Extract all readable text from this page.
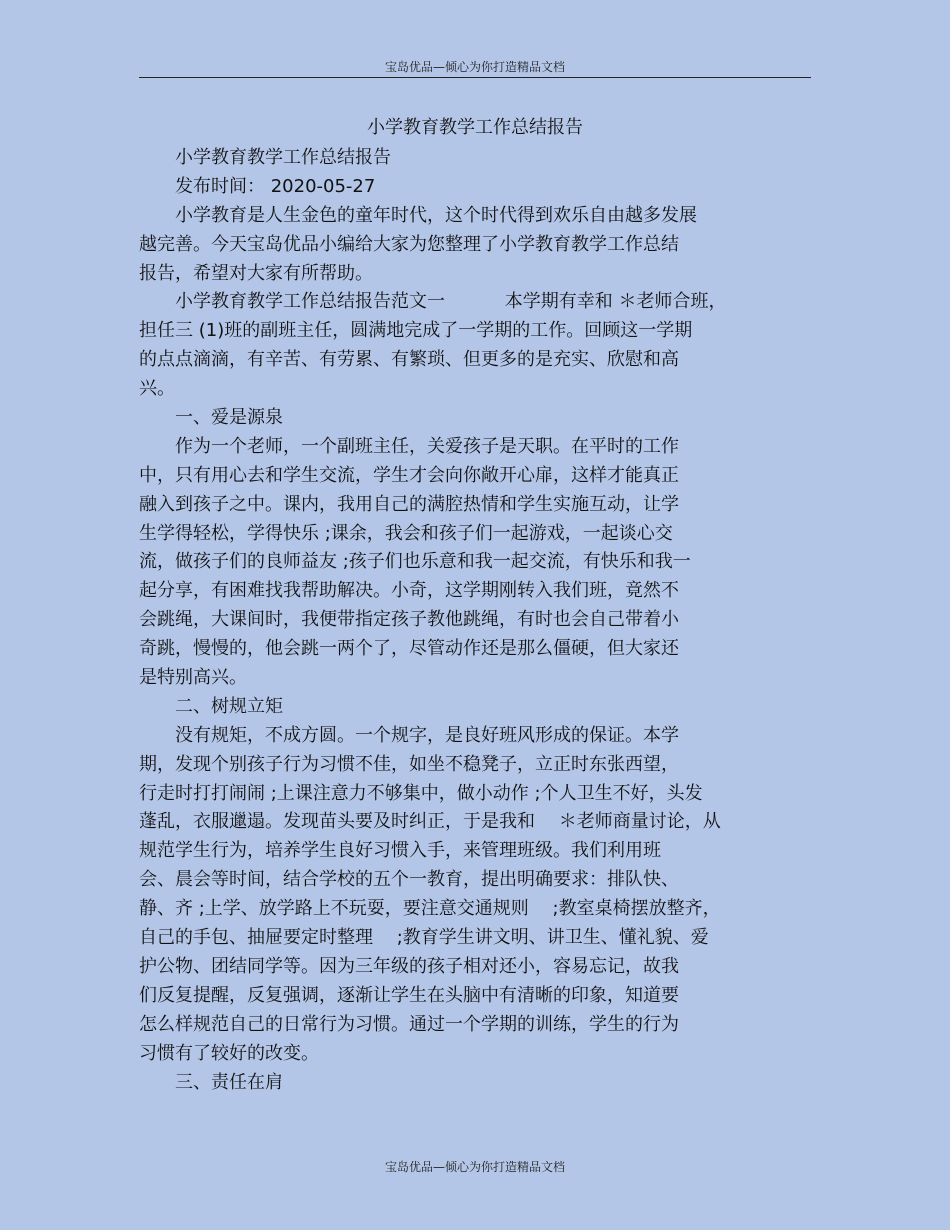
宝岛优品—倾心为你打造精品文档
小学教育教学工作总结报告
小学教育教学工作总结报告
发布时间： 2020-05-27
小学教育是人生金色的童年时代，这个时代得到欢乐自由越多发展
越完善。今天宝岛优品小编给大家为您整理了小学教育教学工作总结
报告，希望对大家有所帮助。
小学教育教学工作总结报告范文一 　　　本学期有幸和 ＊老师合班，
担任三 (1)班的副班主任，圆满地完成了一学期的工作。回顾这一学期
的点点滴滴，有辛苦、有劳累、有繁琐、但更多的是充实、欣慰和高
兴。
一、爱是源泉
作为一个老师，一个副班主任，关爱孩子是天职。在平时的工作
中，只有用心去和学生交流，学生才会向你敞开心扉，这样才能真正
融入到孩子之中。课内，我用自己的满腔热情和学生实施互动，让学
生学得轻松，学得快乐 ;课余，我会和孩子们一起游戏，一起谈心交
流，做孩子们的良师益友 ;孩子们也乐意和我一起交流，有快乐和我一
起分享，有困难找我帮助解决。小奇，这学期刚转入我们班，竟然不
会跳绳，大课间时，我便带指定孩子教他跳绳，有时也会自己带着小
奇跳，慢慢的，他会跳一两个了，尽管动作还是那么僵硬，但大家还
是特别高兴。
二、树规立矩
没有规矩，不成方圆。一个规字，是良好班风形成的保证。本学
期，发现个别孩子行为习惯不佳，如坐不稳凳子，立正时东张西望，
行走时打打闹闹 ;上课注意力不够集中，做小动作 ;个人卫生不好，头发
蓬乱，衣服邋遢。发现苗头要及时纠正，于是我和 　＊老师商量讨论，从
规范学生行为，培养学生良好习惯入手，来管理班级。我们利用班
会、晨会等时间，结合学校的五个一教育，提出明确要求：排队快、
静、齐 ;上学、放学路上不玩耍，要注意交通规则 　;教室桌椅摆放整齐，
自己的手包、抽屉要定时整理 　;教育学生讲文明、讲卫生、懂礼貌、爱
护公物、团结同学等。因为三年级的孩子相对还小，容易忘记，故我
们反复提醒，反复强调，逐渐让学生在头脑中有清晰的印象，知道要
怎么样规范自己的日常行为习惯。通过一个学期的训练，学生的行为
习惯有了较好的改变。
三、责任在肩
宝岛优品—倾心为你打造精品文档
